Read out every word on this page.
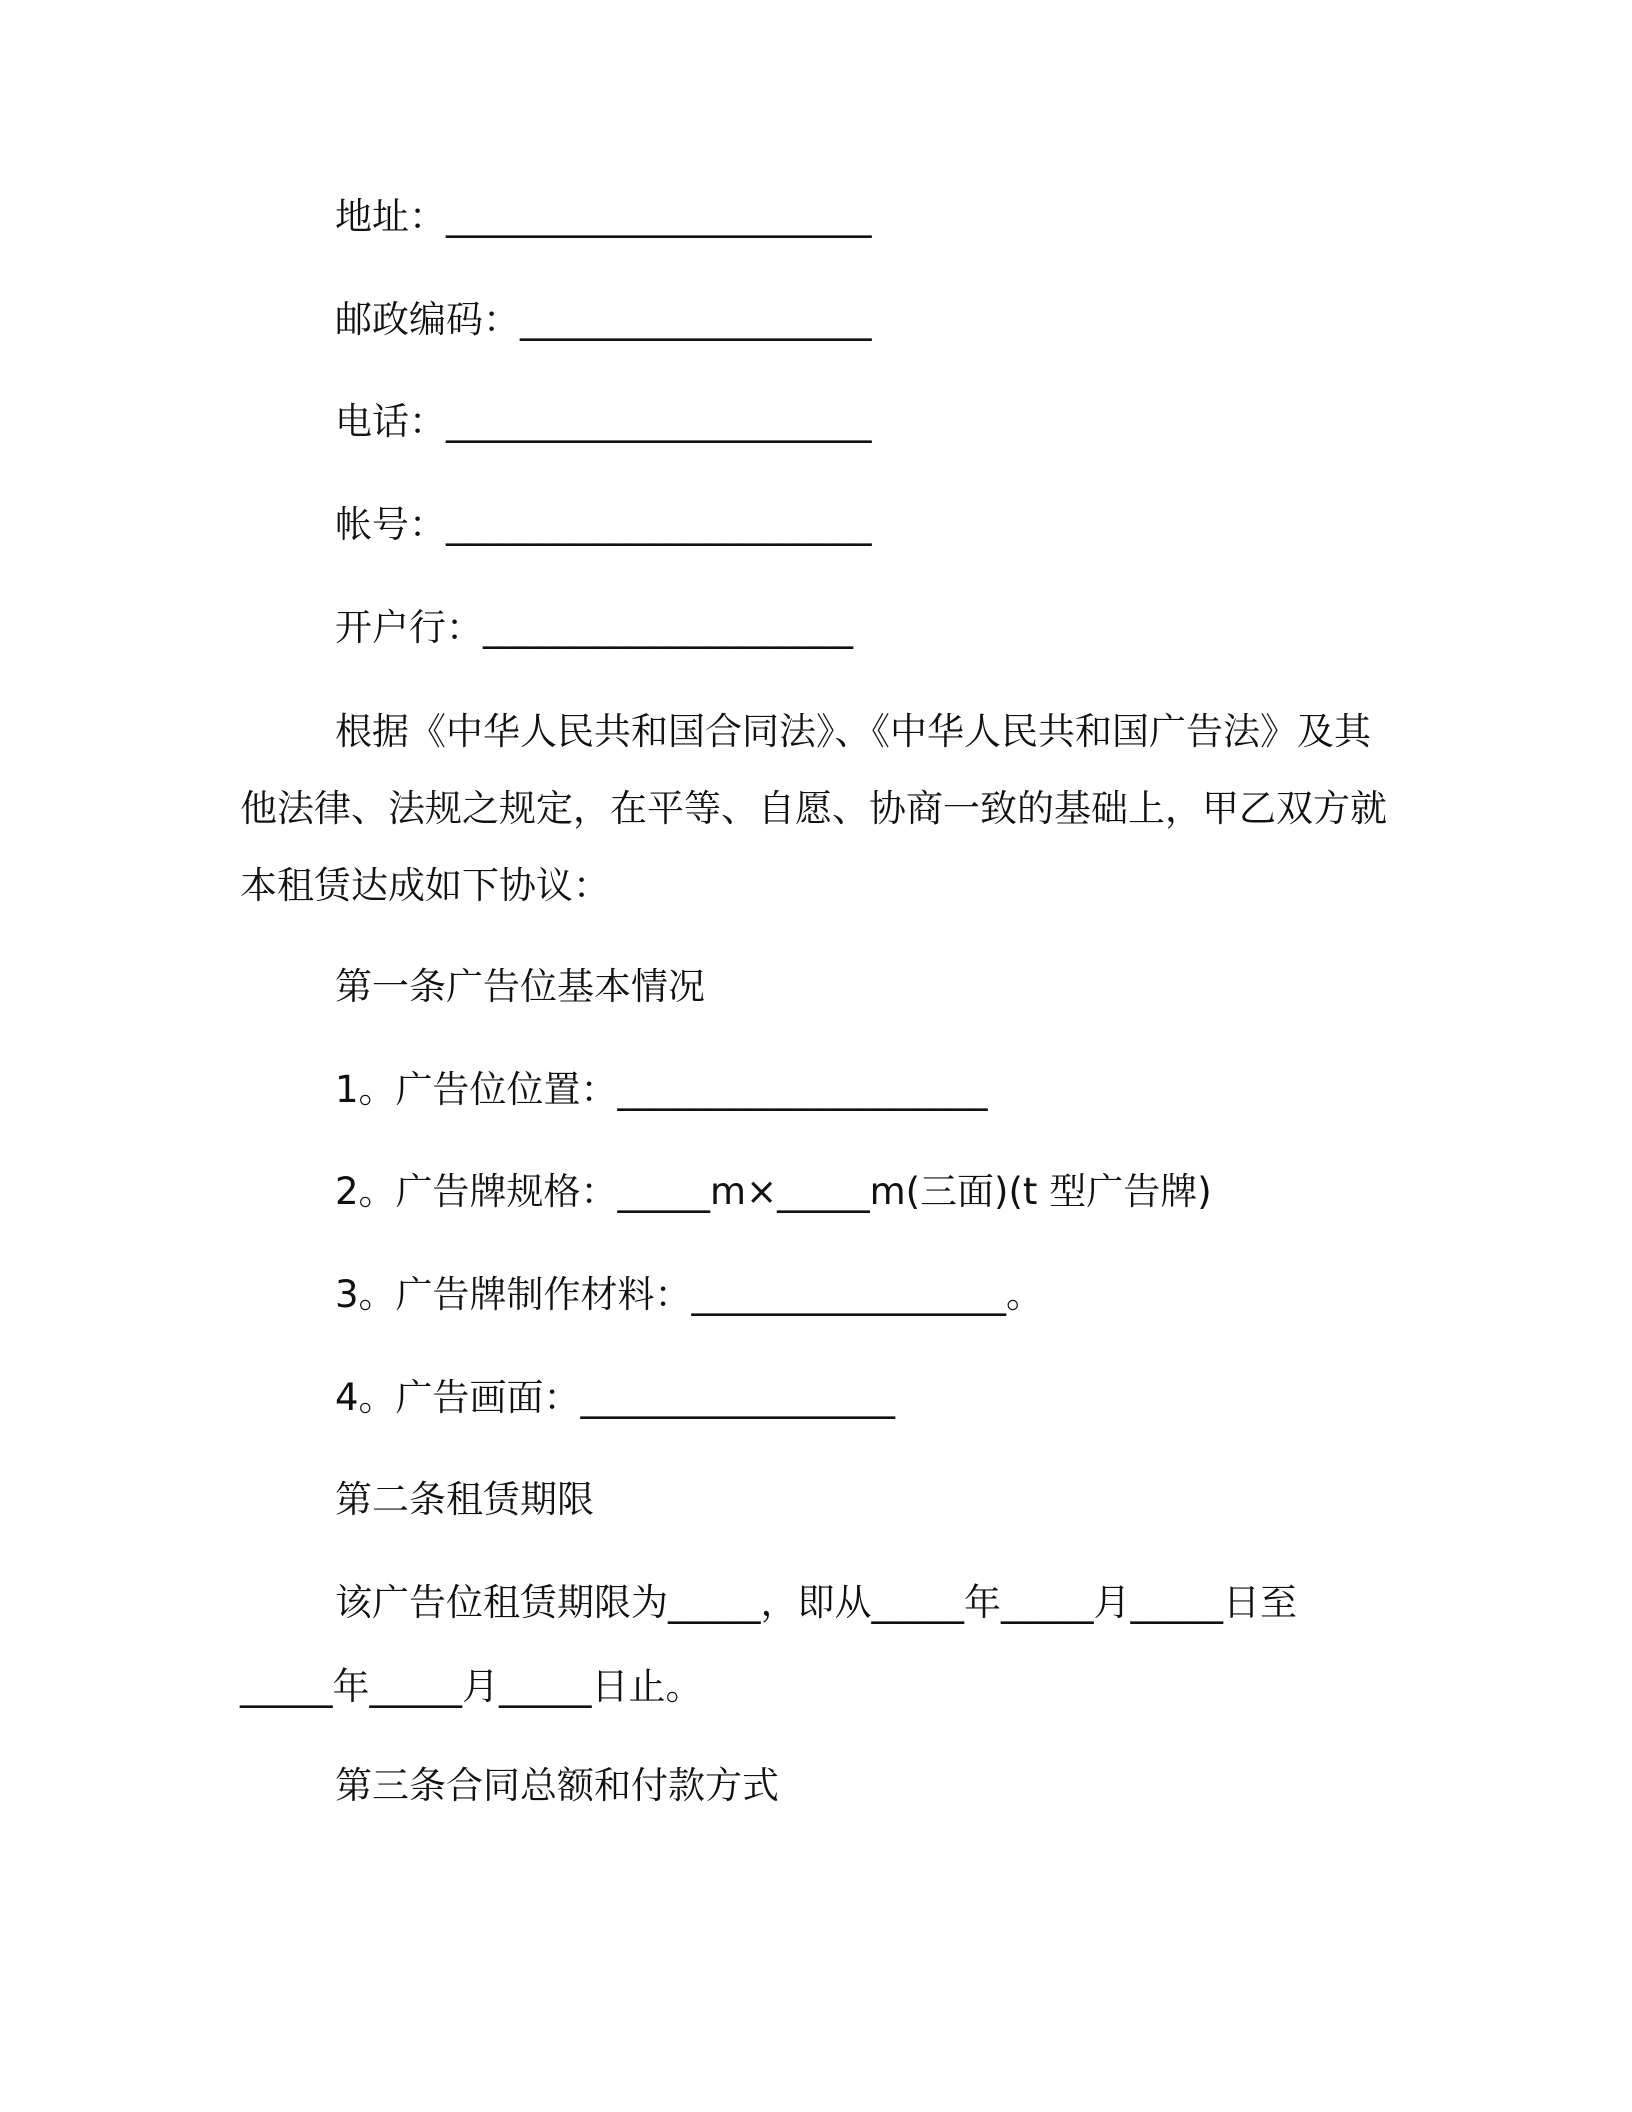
地址：_______________________
邮政编码：___________________
电话：_______________________
帐号：_______________________
开户行：____________________
根据《中华人民共和国合同法》、《中华人民共和国广告法》及其他法律、法规之规定，在平等、自愿、协商一致的基础上，甲乙双方就本租赁达成如下协议：
第一条广告位基本情况
1。广告位位置：____________________
2。广告牌规格：_____m×_____m(三面)(t 型广告牌)
3。广告牌制作材料：_________________。
4。广告画面：_________________
第二条租赁期限
该广告位租赁期限为_____，即从_____年_____月_____日至
_____年_____月_____日止。
第三条合同总额和付款方式
